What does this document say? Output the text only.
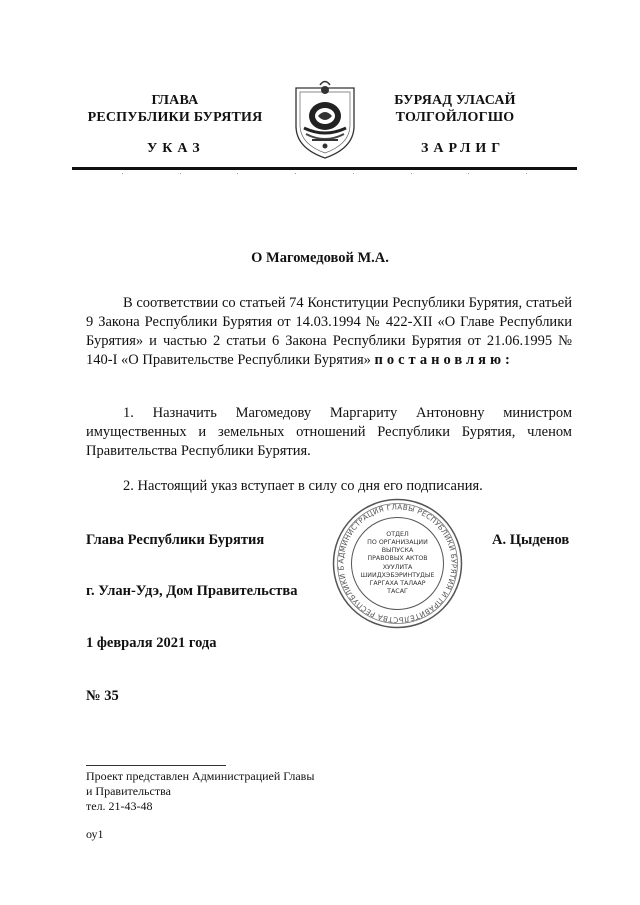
ГЛАВА
РЕСПУБЛИКИ БУРЯТИЯ
БУРЯАД УЛАСАЙ
ТОЛГОЙЛОГШО
УКАЗ	ЗАРЛИГ
О Магомедовой М.А.
В соответствии со статьей 74 Конституции Республики Бурятия, статьей 9 Закона Республики Бурятия от 14.03.1994 № 422-XII «О Главе Республики Бурятия» и частью 2 статьи 6 Закона Республики Бурятия от 21.06.1995 № 140-I «О Правительстве Республики Бурятия» постановляю:
1. Назначить Магомедову Маргариту Антоновну министром имущественных и земельных отношений Республики Бурятия, членом Правительства Республики Бурятия.
2. Настоящий указ вступает в силу со дня его подписания.
Глава Республики Бурятия	А. Цыденов
АДМИНИСТРАЦИЯ ГЛАВЫ РЕСПУБЛИКИ БУРЯТИЯ И ПРАВИТЕЛЬСТВА РЕСПУБЛИКИ Б
ОТДЕЛ
ПО ОРГАНИЗАЦИИ
ВЫПУСКА
ПРАВОВЫХ АКТОВ
ХУУЛИТА
ШИИДХЭБЭРИНТУДЫЕ
ГАРГАХА ТАЛААР
ТАСАГ
г. Улан-Удэ, Дом Правительства
1 февраля 2021 года
№ 35
Проект представлен Администрацией Главы
и Правительства
тел. 21-43-48
оу1
